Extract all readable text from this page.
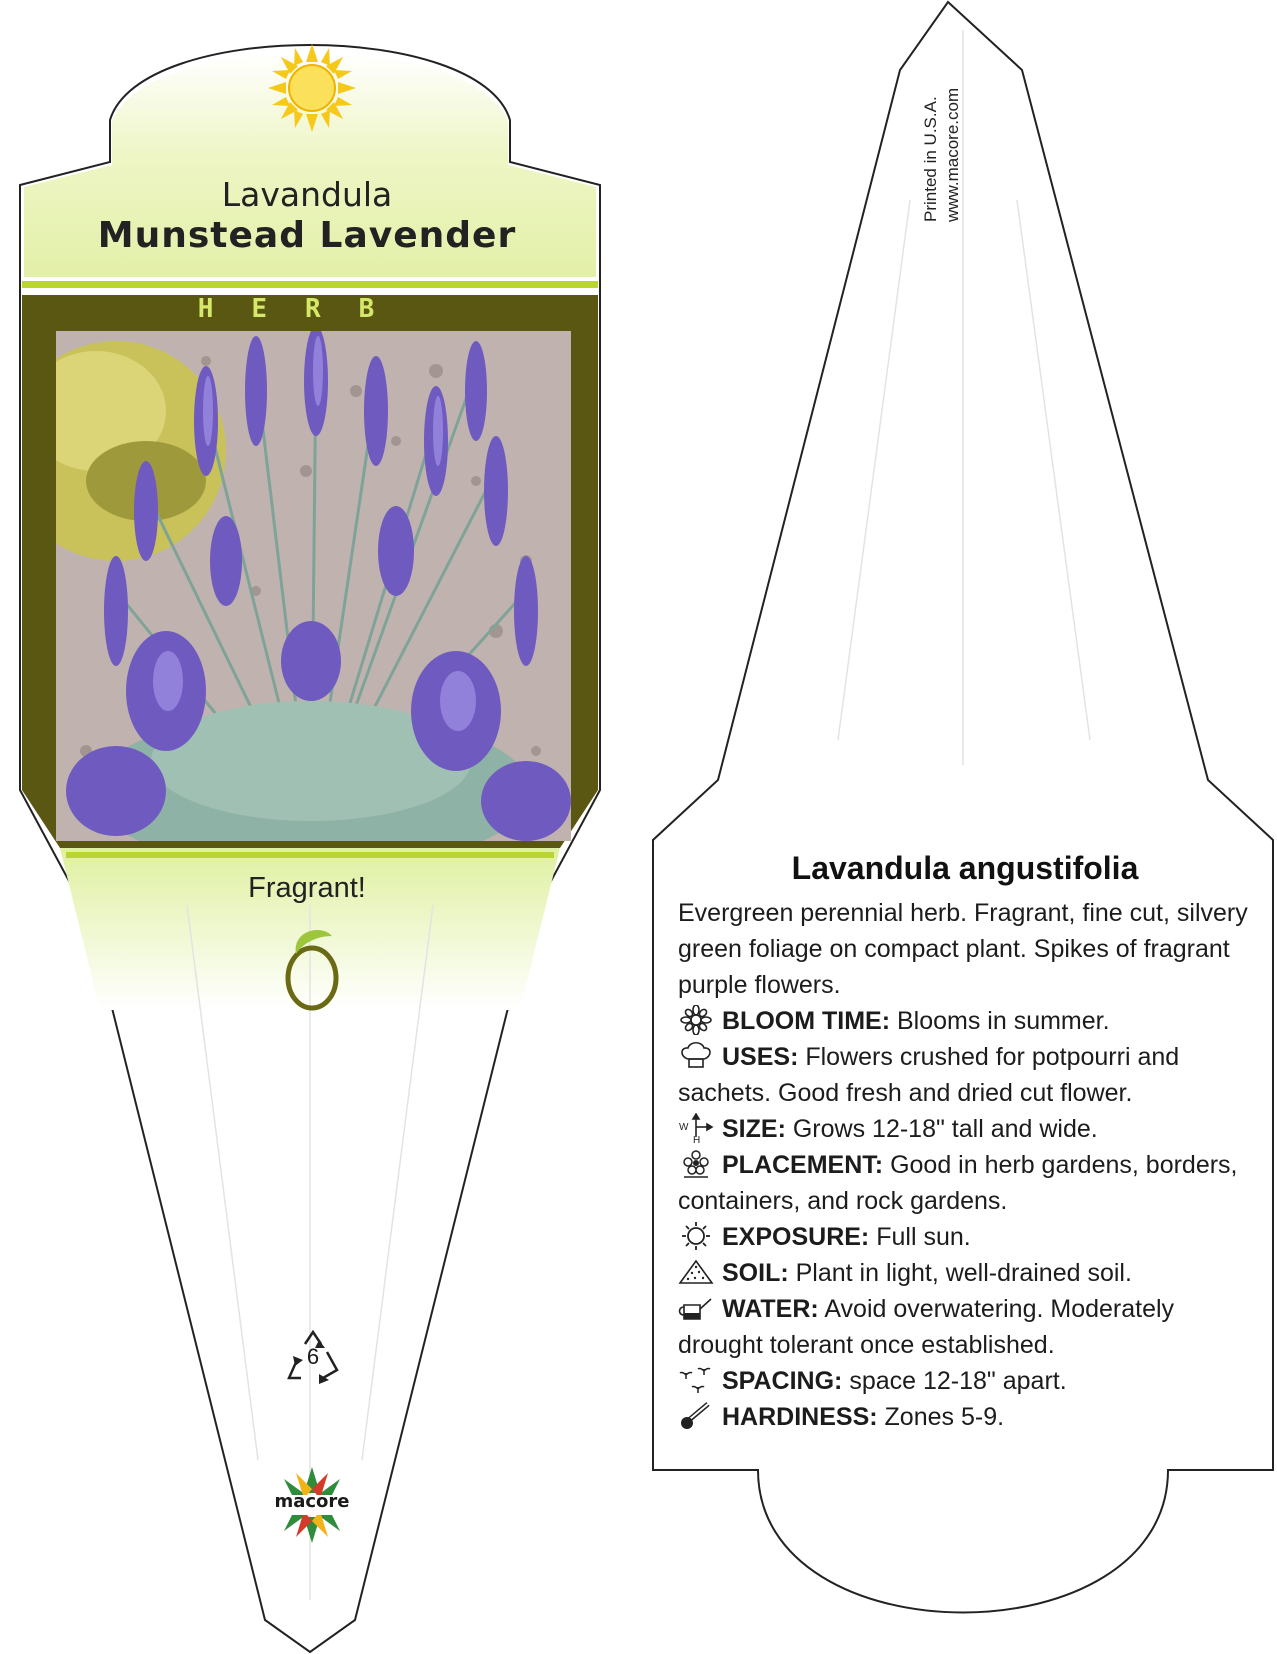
Lavandula
Munstead Lavender
HERB
Fragrant!
6
macore
Printed in U.S.A. www.macore.com
Lavandula angustifolia

Evergreen perennial herb. Fragrant, fine cut, silvery green foliage on compact plant. Spikes of fragrant purple flowers.

BLOOM TIME: Blooms in summer.
USES: Flowers crushed for potpourri and sachets. Good fresh and dried cut flower.
W
H SIZE: Grows 12-18" tall and wide.
PLACEMENT: Good in herb gardens, borders, containers, and rock gardens.
EXPOSURE: Full sun.
SOIL: Plant in light, well-drained soil.
WATER: Avoid overwatering. Moderately drought tolerant once established.
SPACING: space 12-18" apart.
HARDINESS: Zones 5-9.
